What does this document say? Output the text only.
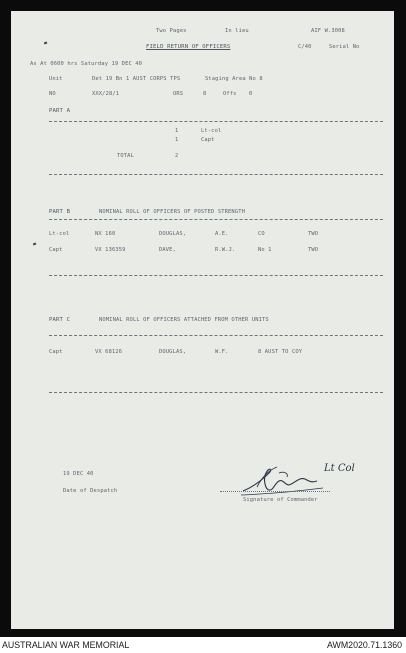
Two Pages	In lieu	AIF W.3008
FIELD RETURN OF OFFICERS	C/40	Serial No
As At 0600 hrs Saturday 19 DEC 40
Unit	Det 19 Bn 1 AUST CORPS TPS	Staging Area No 8
NO	XXX/28/1	ORS	8	Offs 0
PART A
1	Lt-col
1	Capt
TOTAL	2
PART B	NOMINAL ROLL OF OFFICERS OF POSTED STRENGTH
Lt-col	NX 160	DOUGLAS,	A.E.	CO	TWO
Capt	VX 136359	DAVE,	R.W.J.	No 1	TWO
PART C	NOMINAL ROLL OF OFFICERS ATTACHED FROM OTHER UNITS
Capt	VX 68126	DOUGLAS,	W.F.	8 AUST TO COY
19 DEC 40
Date of Despatch
Lt Col
Signature of Commander
AUSTRALIAN WAR MEMORIAL	AWM2020.71.1360
